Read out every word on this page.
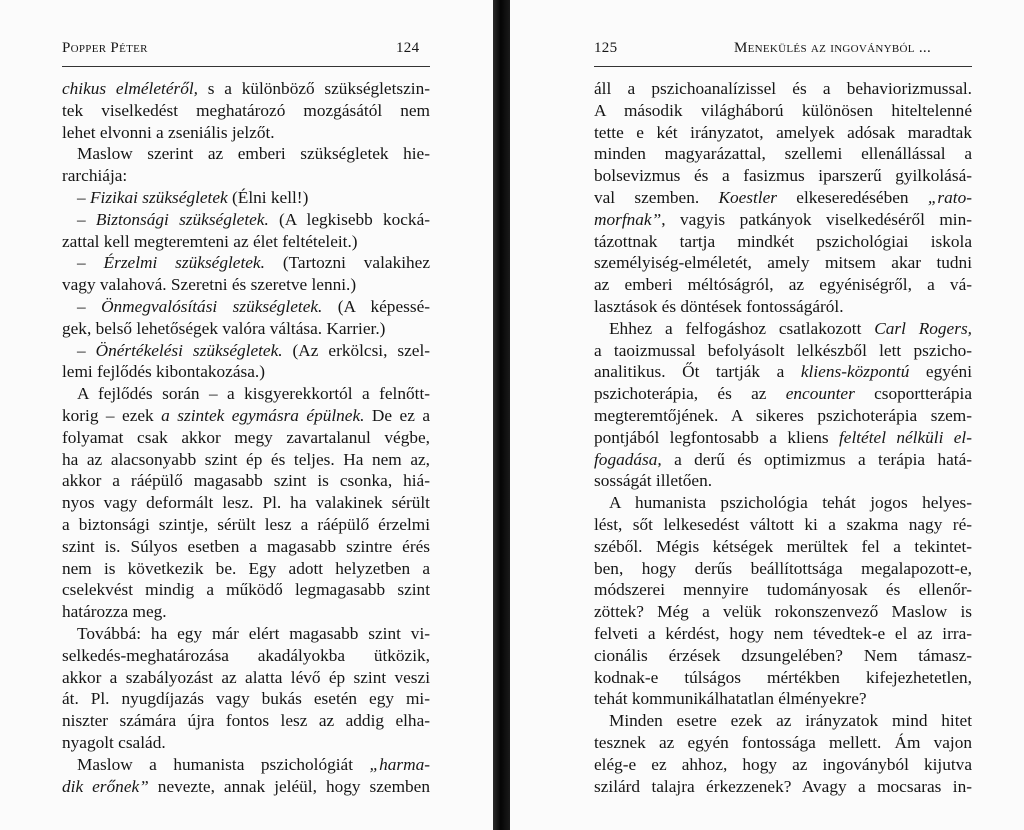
Popper Péter	124
chikus elméletéről, s a különböző szükségletszin-
tek viselkedést meghatározó mozgásától nem
lehet elvonni a zseniális jelzőt.
Maslow szerint az emberi szükségletek hie-
rarchiája:
– Fizikai szükségletek (Élni kell!)
– Biztonsági szükségletek. (A legkisebb kocká-
zattal kell megteremteni az élet feltételeit.)
– Érzelmi szükségletek. (Tartozni valakihez
vagy valahová. Szeretni és szeretve lenni.)
– Önmegvalósítási szükségletek. (A képessé-
gek, belső lehetőségek valóra váltása. Karrier.)
– Önértékelési szükségletek. (Az erkölcsi, szel-
lemi fejlődés kibontakozása.)
A fejlődés során – a kisgyerekkortól a felnőtt-
korig – ezek a szintek egymásra épülnek. De ez a
folyamat csak akkor megy zavartalanul végbe,
ha az alacsonyabb szint ép és teljes. Ha nem az,
akkor a ráépülő magasabb szint is csonka, hiá-
nyos vagy deformált lesz. Pl. ha valakinek sérült
a biztonsági szintje, sérült lesz a ráépülő érzelmi
szint is. Súlyos esetben a magasabb szintre érés
nem is következik be. Egy adott helyzetben a
cselekvést mindig a működő legmagasabb szint
határozza meg.
Továbbá: ha egy már elért magasabb szint vi-
selkedés-meghatározása akadályokba ütközik,
akkor a szabályozást az alatta lévő ép szint veszi
át. Pl. nyugdíjazás vagy bukás esetén egy mi-
niszter számára újra fontos lesz az addig elha-
nyagolt család.
Maslow a humanista pszichológiát „harma-
dik erőnek” nevezte, annak jeléül, hogy szemben
125	Menekülés az ingoványból ...
áll a pszichoanalízissel és a behaviorizmussal.
A második világháború különösen hiteltelenné
tette e két irányzatot, amelyek adósak maradtak
minden magyarázattal, szellemi ellenállással a
bolsevizmus és a fasizmus iparszerű gyilkolásá-
val szemben. Koestler elkeseredésében „rato-
morfnak”, vagyis patkányok viselkedéséről min-
tázottnak tartja mindkét pszichológiai iskola
személyiség-elméletét, amely mitsem akar tudni
az emberi méltóságról, az egyéniségről, a vá-
lasztások és döntések fontosságáról.
Ehhez a felfogáshoz csatlakozott Carl Rogers,
a taoizmussal befolyásolt lelkészből lett pszicho-
analitikus. Őt tartják a kliens-központú egyéni
pszichoterápia, és az encounter csoportterápia
megteremtőjének. A sikeres pszichoterápia szem-
pontjából legfontosabb a kliens feltétel nélküli el-
fogadása, a derű és optimizmus a terápia hatá-
sosságát illetően.
A humanista pszichológia tehát jogos helyes-
lést, sőt lelkesedést váltott ki a szakma nagy ré-
széből. Mégis kétségek merültek fel a tekintet-
ben, hogy derűs beállítottsága megalapozott-e,
módszerei mennyire tudományosak és ellenőr-
zöttek? Még a velük rokonszenvező Maslow is
felveti a kérdést, hogy nem tévedtek-e el az irra-
cionális érzések dzsungelében? Nem támasz-
kodnak-e túlságos mértékben kifejezhetetlen,
tehát kommunikálhatatlan élményekre?
Minden esetre ezek az irányzatok mind hitet
tesznek az egyén fontossága mellett. Ám vajon
elég-e ez ahhoz, hogy az ingoványból kijutva
szilárd talajra érkezzenek? Avagy a mocsaras in-
